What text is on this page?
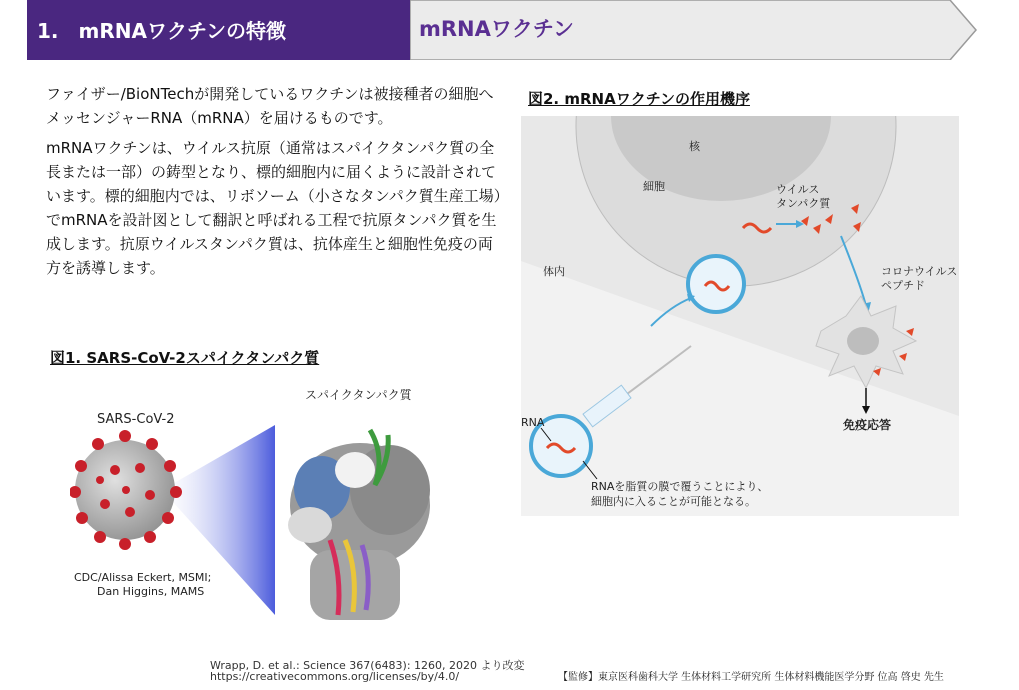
1.　mRNAワクチンの特徴	mRNAワクチン

ファイザー/BioNTechが開発しているワクチンは被接種者の細胞へメッセンジャーRNA（mRNA）を届けるものです。

mRNAワクチンは、ウイルス抗原（通常はスパイクタンパク質の全長または一部）の鋳型となり、標的細胞内に届くように設計されています。標的細胞内では、リボソーム（小さなタンパク質生産工場）でmRNAを設計図として翻訳と呼ばれる工程で抗原タンパク質を生成します。抗原ウイルスタンパク質は、抗体産生と細胞性免疫の両方を誘導します。

図1. SARS-CoV-2スパイクタンパク質
SARS-CoV-2
スパイクタンパク質
CDC/Alissa Eckert, MSMI;
Dan Higgins, MAMS
Wrapp, D. et al.: Science 367(6483): 1260, 2020 より改変
https://creativecommons.org/licenses/by/4.0/
図2. mRNAワクチンの作用機序
核
細胞	ウイルス
タンパク質
体内	コロナウイルス
ペプチド
免疫応答
RNA
RNAを脂質の膜で覆うことにより、
細胞内に入ることが可能となる。
【監修】東京医科歯科大学 生体材料工学研究所 生体材料機能医学分野 位高 啓史 先生
